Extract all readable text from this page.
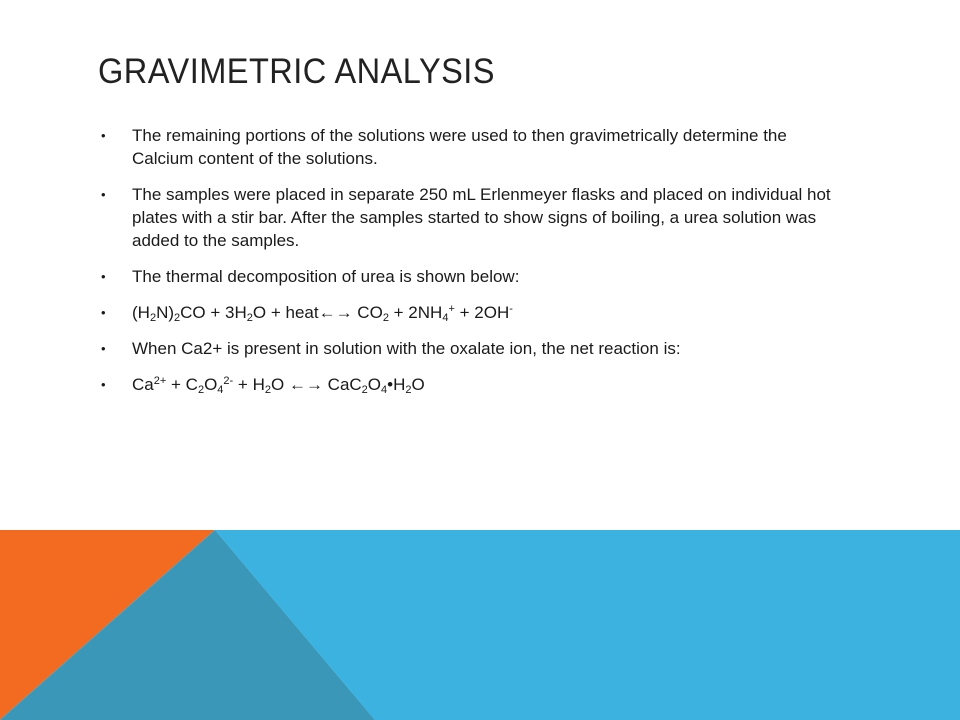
GRAVIMETRIC ANALYSIS
• The remaining portions of the solutions were used to then gravimetrically determine the Calcium content of the solutions.
• The samples were placed in separate 250 mL Erlenmeyer flasks and placed on individual hot plates with a stir bar. After the samples started to show signs of boiling, a urea solution was added to the samples.
• The thermal decomposition of urea is shown below:
• $(H_2N)_2CO + 3H_2O$ + heat←→ $CO_2 + 2NH_4^+ + 2OH^-$
• When Ca2+ is present in solution with the oxalate ion, the net reaction is:
• $Ca^{2+} + C_2O_4^{2-} + H_2O$ ←→ $CaC_2O_4•H_2O$
